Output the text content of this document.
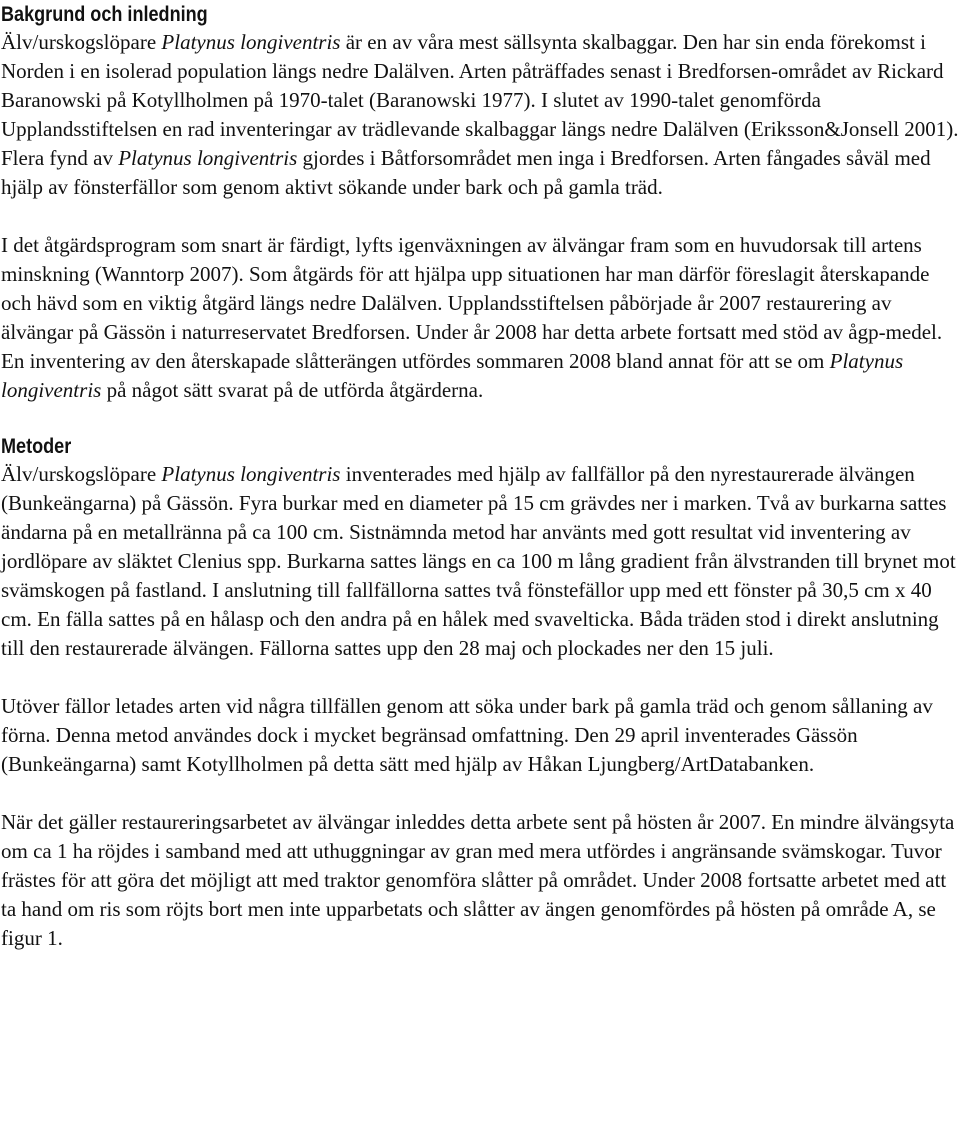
Bakgrund och inledning

Älv/urskogslöpare Platynus longiventris är en av våra mest sällsynta skalbaggar. Den har sin enda förekomst i Norden i en isolerad population längs nedre Dalälven. Arten påträffades senast i Bredforsen-området av Rickard Baranowski på Kotyllholmen på 1970-talet (Baranowski 1977). I slutet av 1990-talet genomförda Upplandsstiftelsen en rad inventeringar av trädlevande skalbaggar längs nedre Dalälven (Eriksson&Jonsell 2001). Flera fynd av Platynus longiventris gjordes i Båtforsområdet men inga i Bredforsen. Arten fångades såväl med hjälp av fönsterfällor som genom aktivt sökande under bark och på gamla träd.

I det åtgärdsprogram som snart är färdigt, lyfts igenväxningen av älvängar fram som en huvudorsak till artens minskning (Wanntorp 2007). Som åtgärds för att hjälpa upp situationen har man därför föreslagit återskapande och hävd som en viktig åtgärd längs nedre Dalälven. Upplandsstiftelsen påbörjade år 2007 restaurering av älvängar på Gässön i naturreservatet Bredforsen. Under år 2008 har detta arbete fortsatt med stöd av ågp-medel. En inventering av den återskapade slåtterängen utfördes sommaren 2008 bland annat för att se om Platynus longiventris på något sätt svarat på de utförda åtgärderna.

Metoder

Älv/urskogslöpare Platynus longiventris inventerades med hjälp av fallfällor på den nyrestaurerade älvängen (Bunkeängarna) på Gässön. Fyra burkar med en diameter på 15 cm grävdes ner i marken. Två av burkarna sattes ändarna på en metallränna på ca 100 cm. Sistnämnda metod har använts med gott resultat vid inventering av jordlöpare av släktet Clenius spp. Burkarna sattes längs en ca 100 m lång gradient från älvstranden till brynet mot svämskogen på fastland. I anslutning till fallfällorna sattes två fönstefällor upp med ett fönster på 30,5 cm x 40 cm. En fälla sattes på en hålasp och den andra på en hålek med svavelticka. Båda träden stod i direkt anslutning till den restaurerade älvängen. Fällorna sattes upp den 28 maj och plockades ner den 15 juli.

Utöver fällor letades arten vid några tillfällen genom att söka under bark på gamla träd och genom sållaning av förna. Denna metod användes dock i mycket begränsad omfattning. Den 29 april inventerades Gässön (Bunkeängarna) samt Kotyllholmen på detta sätt med hjälp av Håkan Ljungberg/ArtDatabanken.

När det gäller restaureringsarbetet av älvängar inleddes detta arbete sent på hösten år 2007. En mindre älvängsyta om ca 1 ha röjdes i samband med att uthuggningar av gran med mera utfördes i angränsande svämskogar. Tuvor frästes för att göra det möjligt att med traktor genomföra slåtter på området. Under 2008 fortsatte arbetet med att ta hand om ris som röjts bort men inte upparbetats och slåtter av ängen genomfördes på hösten på område A, se figur 1.
